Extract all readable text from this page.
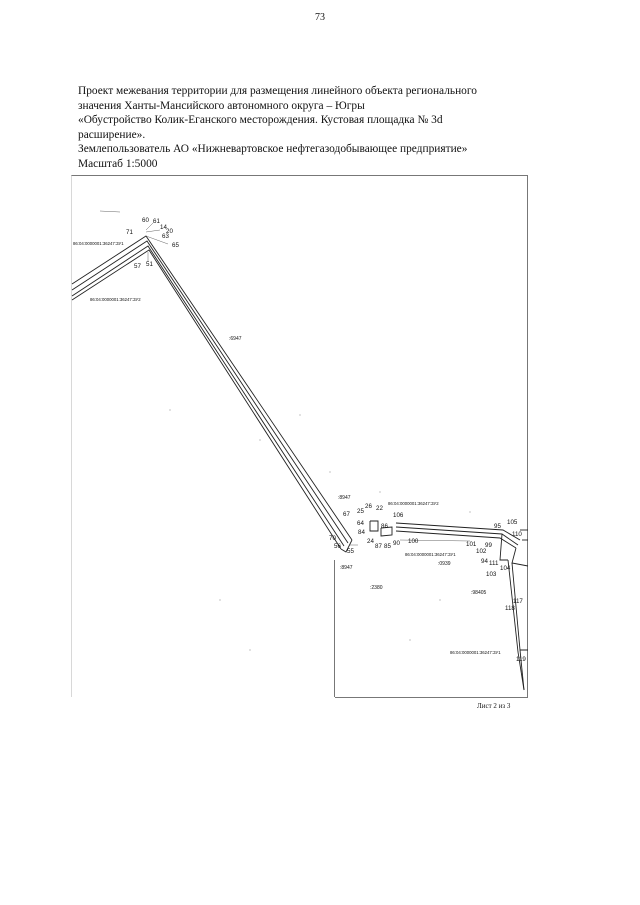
73
Проект межевания территории для размещения линейного объекта регионального
значения Ханты-Мансийского автономного округа – Югры
«Обустройство Колик-Еганского месторождения. Кустовая площадка № 3d
расширение».
Землепользователь АО «Нижневартовское нефтегазодобывающее предприятие»
Масштаб 1:5000
60 61
14
20
63
71
65
57 51
67 25
26 22
64	86
84
70
56
24
87 85
55
90
106
100
105
110
95
101 99
102
94 111
103
104
118
117
119
86:04:0000001:36247:ЗУ1
86:04:0000001:36247:ЗУ2
86:04:0000001:36247:ЗУ2
86:04:0000001:36247:ЗУ1
86:04:0000001:36247:ЗУ1
:6947
:8947
:8947
:2380
:0939
:98405
Лист 2 из 3
